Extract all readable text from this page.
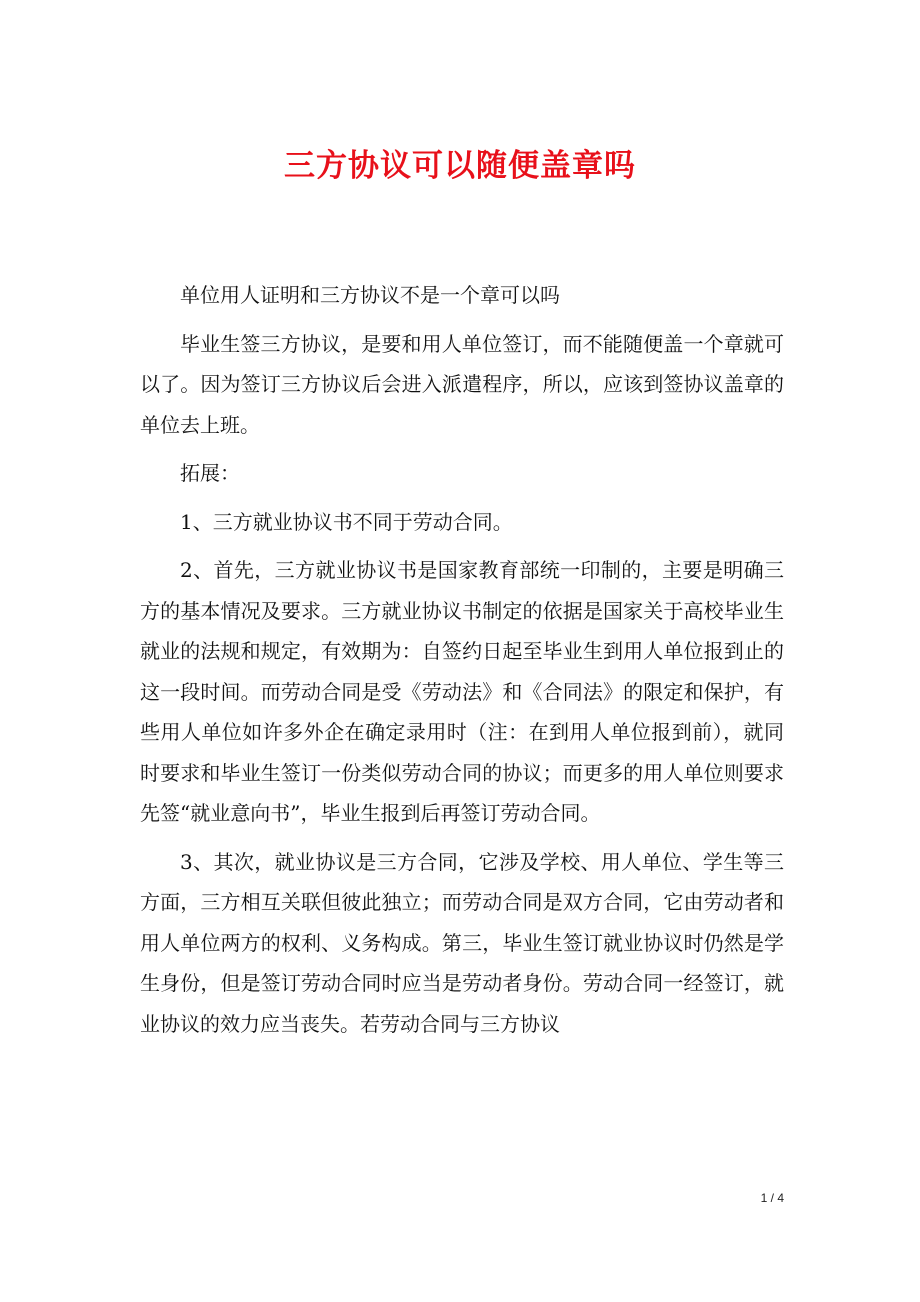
三方协议可以随便盖章吗

单位用人证明和三方协议不是一个章可以吗

毕业生签三方协议，是要和用人单位签订，而不能随便盖一个章就可以了。因为签订三方协议后会进入派遣程序，所以，应该到签协议盖章的单位去上班。

拓展：

1、三方就业协议书不同于劳动合同。

2、首先，三方就业协议书是国家教育部统一印制的，主要是明确三方的基本情况及要求。三方就业协议书制定的依据是国家关于高校毕业生就业的法规和规定，有效期为：自签约日起至毕业生到用人单位报到止的这一段时间。而劳动合同是受《劳动法》和《合同法》的限定和保护，有些用人单位如许多外企在确定录用时（注：在到用人单位报到前），就同时要求和毕业生签订一份类似劳动合同的协议；而更多的用人单位则要求先签“就业意向书”，毕业生报到后再签订劳动合同。

3、其次，就业协议是三方合同，它涉及学校、用人单位、学生等三方面，三方相互关联但彼此独立；而劳动合同是双方合同，它由劳动者和用人单位两方的权利、义务构成。第三，毕业生签订就业协议时仍然是学生身份，但是签订劳动合同时应当是劳动者身份。劳动合同一经签订，就业协议的效力应当丧失。若劳动合同与三方协议

1 / 4
